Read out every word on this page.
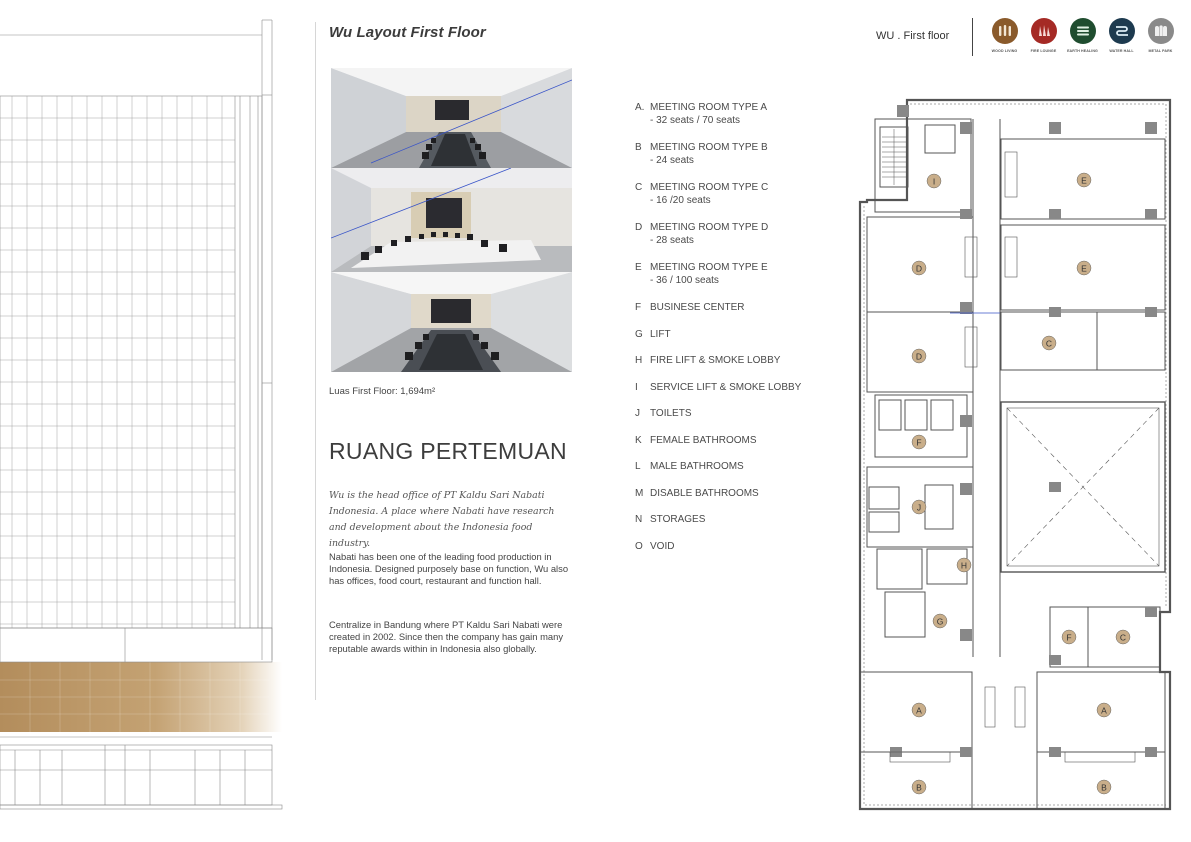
Wu Layout First Floor	WU . First floor
WOOD LIVING	FIRE LOUNGE	EARTH HEALING	WATER HALL	METAL PARK
Luas First Floor: 1,694m²
RUANG PERTEMUAN
Wu is the head office of PT Kaldu Sari Nabati Indonesia. A place where Nabati have research and development about the Indonesia food industry.

Nabati has been one of the leading food production in Indonesia. Designed purposely base on function, Wu also has offices, food court, restaurant and function hall.

Centralize in Bandung where PT Kaldu Sari Nabati were created in 2002. Since then the company has gain many reputable awards within in Indonesia also globally.

A. MEETING ROOM TYPE A
- 32 seats / 70 seats
B MEETING ROOM TYPE B
- 24 seats
C MEETING ROOM TYPE C
- 16 /20 seats
D MEETING ROOM TYPE D
- 28 seats
E MEETING ROOM TYPE E
- 36 / 100 seats
F BUSINESE CENTER
G LIFT
H FIRE LIFT & SMOKE LOBBY
I	SERVICE LIFT & SMOKE LOBBY
J	TOILETS
K FEMALE BATHROOMS
L MALE BATHROOMS
M DISABLE BATHROOMS
N STORAGES
O VOID
I	E
D	E
C
D
F
J
H
G
F	C
A	A
B	B
